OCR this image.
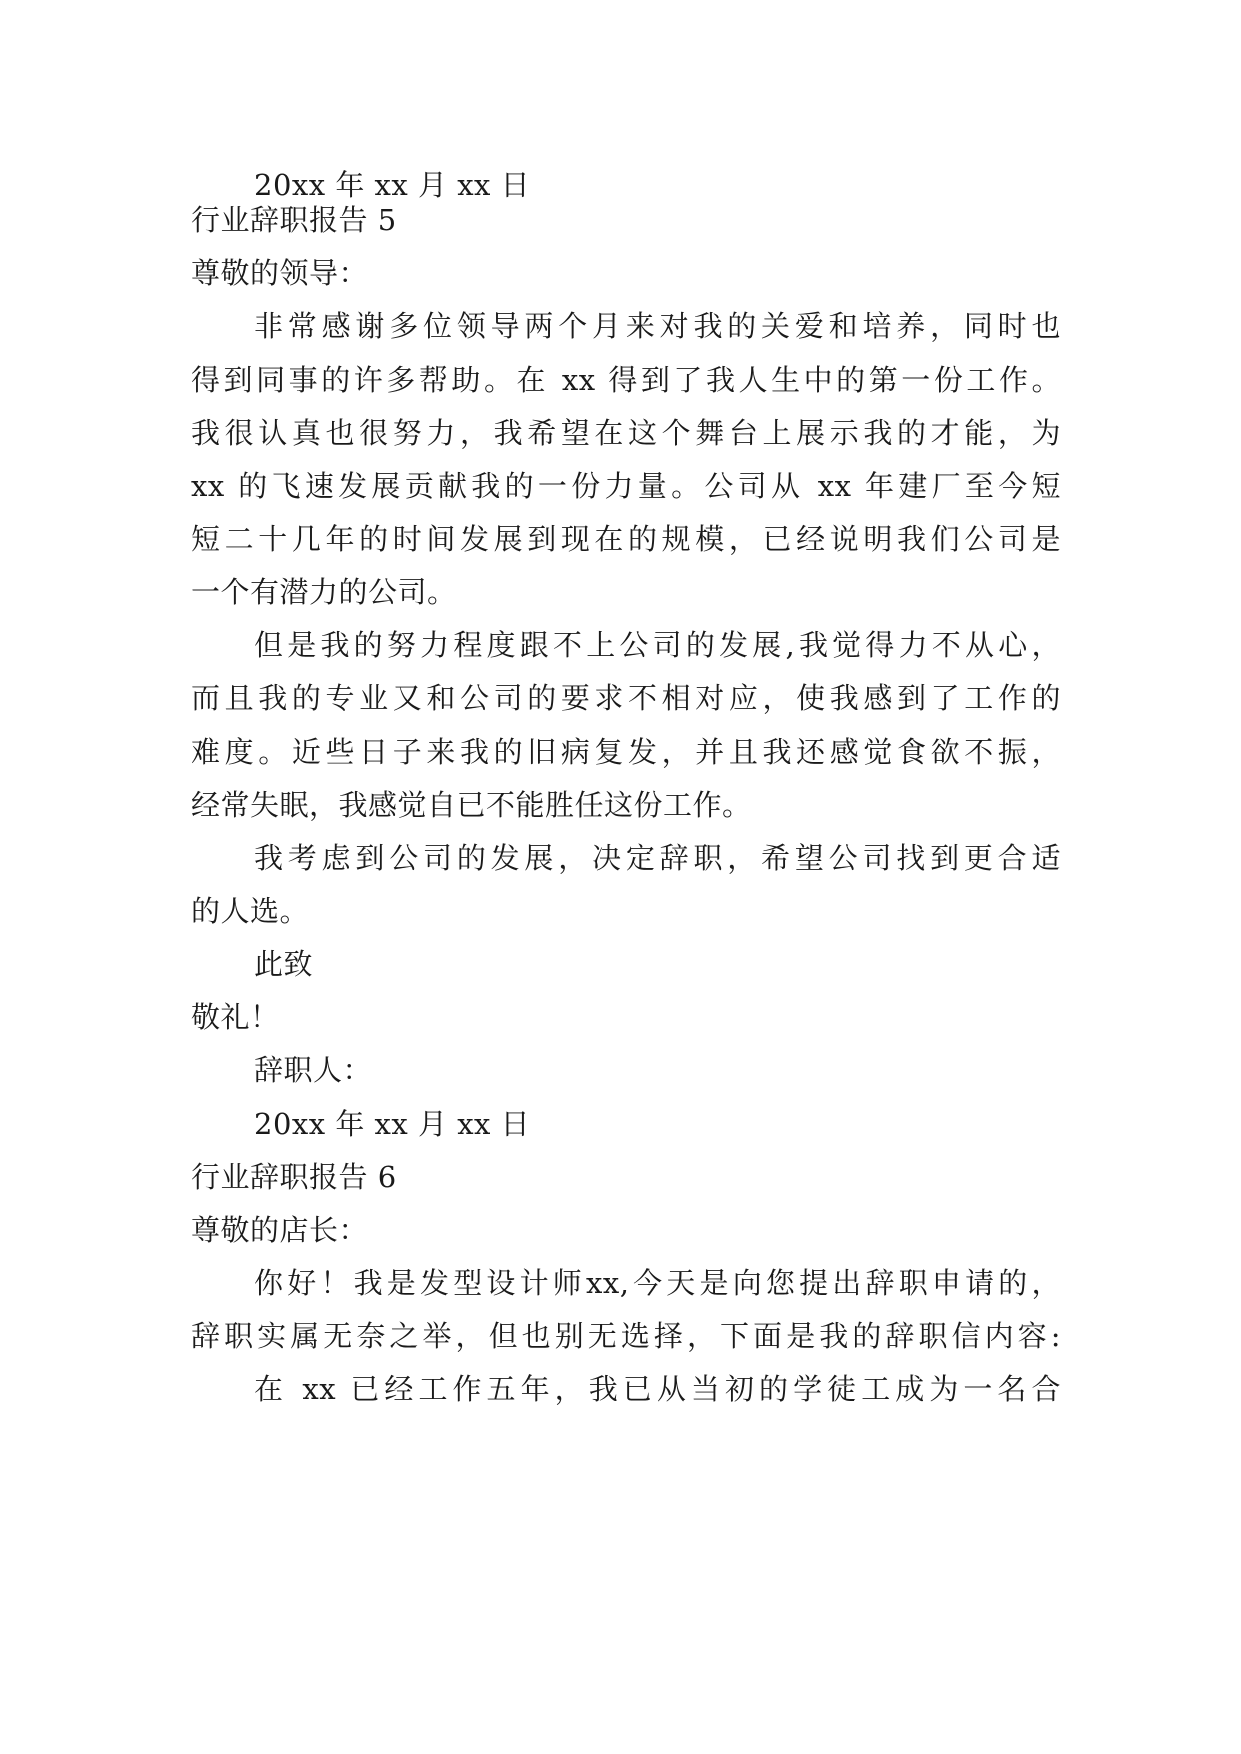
20xx 年 xx 月 xx 日
行业辞职报告 5
尊敬的领导：
非常感谢多位领导两个月来对我的关爱和培养，同时也
得到同事的许多帮助。在 xx 得到了我人生中的第一份工作。
我很认真也很努力，我希望在这个舞台上展示我的才能，为
xx 的飞速发展贡献我的一份力量。公司从 xx 年建厂至今短
短二十几年的时间发展到现在的规模，已经说明我们公司是
一个有潜力的公司。
但是我的努力程度跟不上公司的发展,我觉得力不从心，
而且我的专业又和公司的要求不相对应，使我感到了工作的
难度。近些日子来我的旧病复发，并且我还感觉食欲不振，
经常失眠，我感觉自已不能胜任这份工作。
我考虑到公司的发展，决定辞职，希望公司找到更合适
的人选。
此致
敬礼！
辞职人：
20xx 年 xx 月 xx 日
行业辞职报告 6
尊敬的店长：
你好！我是发型设计师xx,今天是向您提出辞职申请的，
辞职实属无奈之举，但也别无选择，下面是我的辞职信内容:
在 xx 已经工作五年，我已从当初的学徒工成为一名合
